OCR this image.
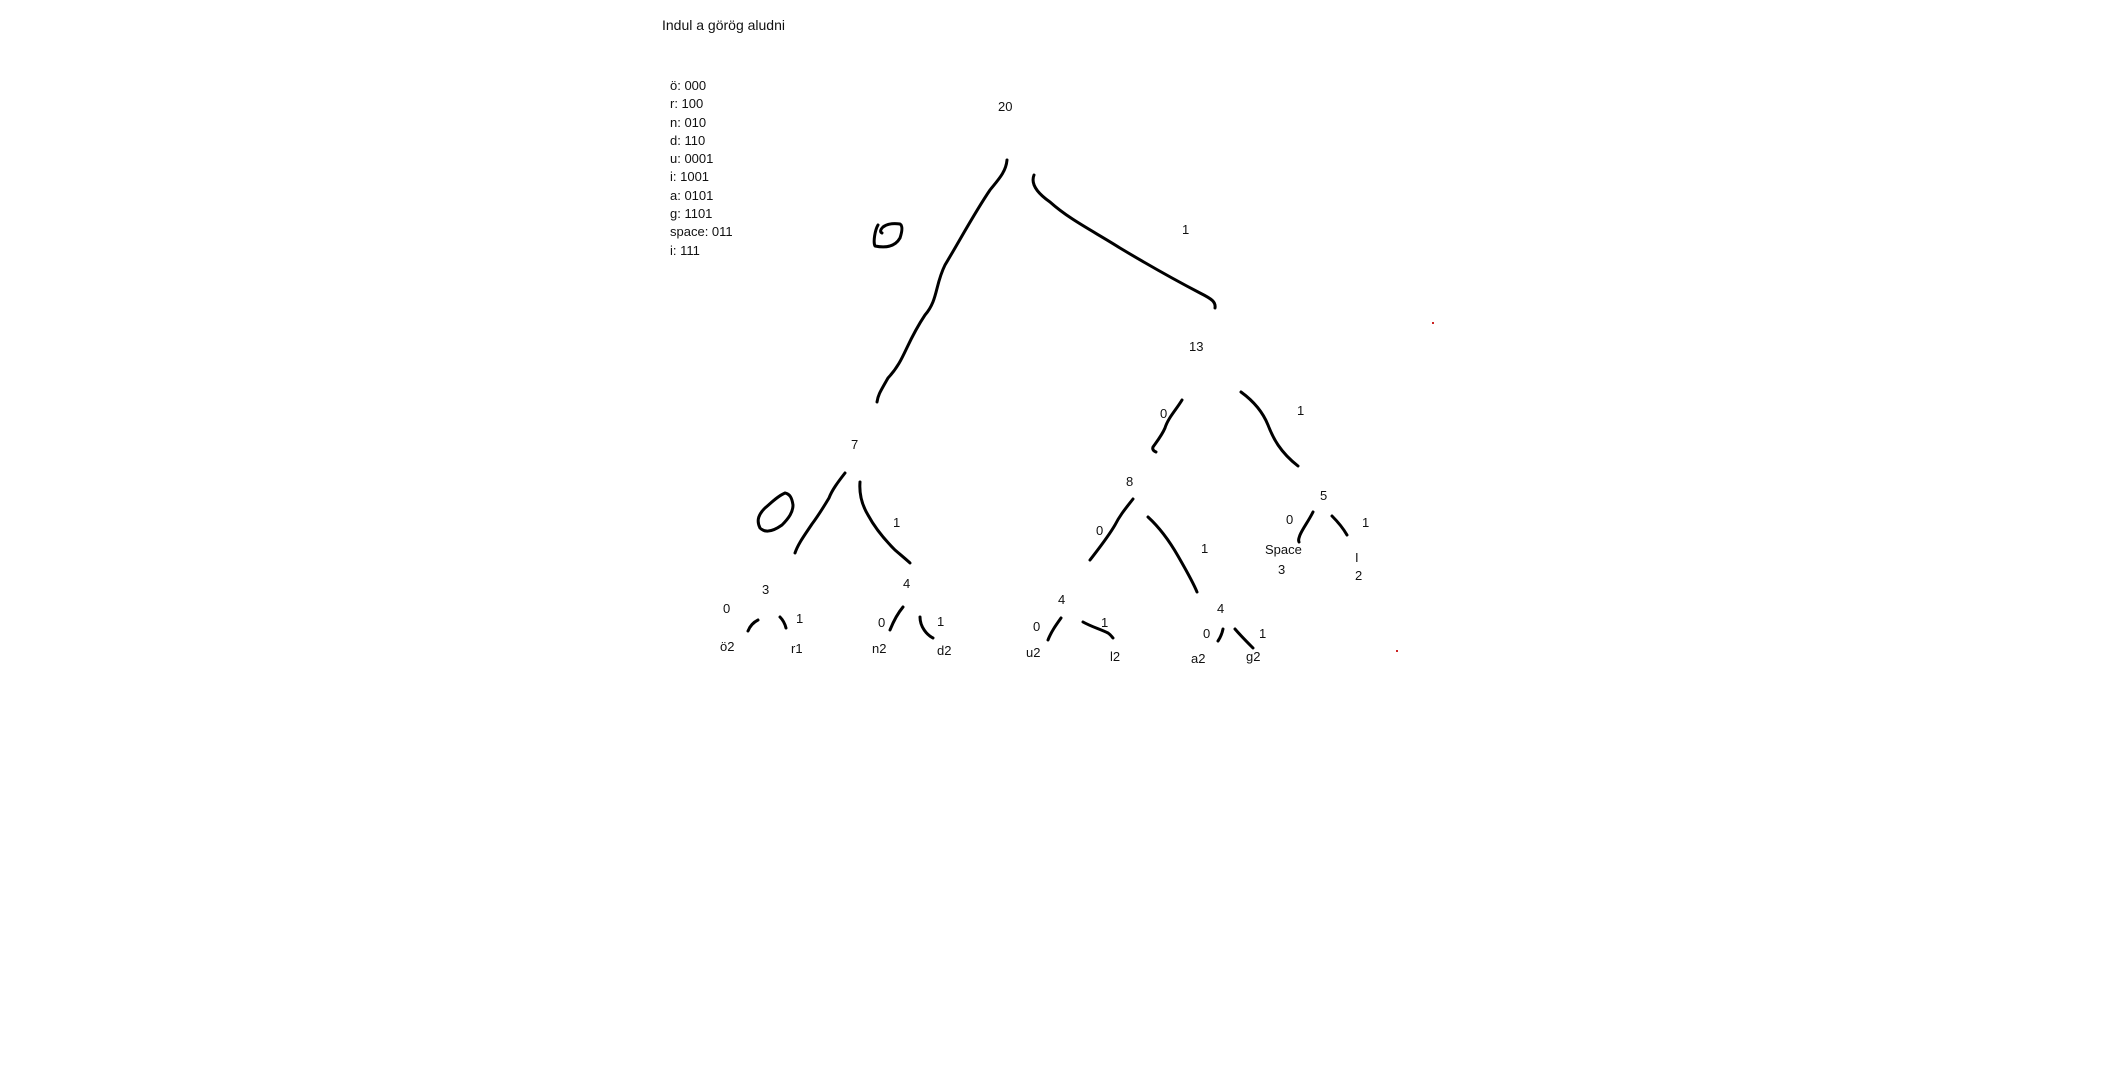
Indul a görög aludni
ö: 000
r: 100
n: 010
d: 110
u: 0001
i: 1001
a: 0101
g: 1101
space: 011
i: 111
20
7
13
8
5
3	4
4
4
1
0	1
1
0
1
0	1
0
1	0	1	0	1
0	1
ö2	r1	n2	d2	u2	l2	a2	g2
Space
3
I
2
